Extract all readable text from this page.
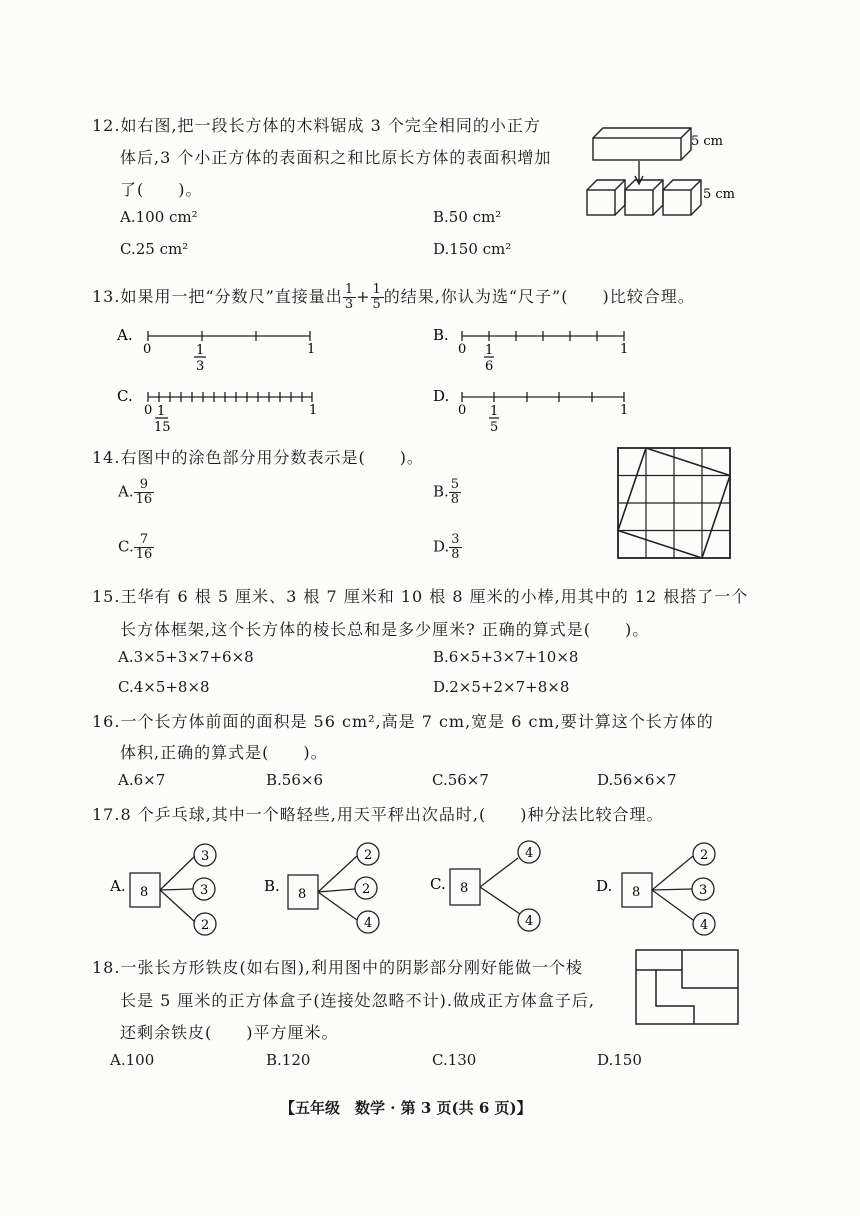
12.如右图,把一段长方体的木料锯成 3 个完全相同的小正方
体后,3 个小正方体的表面积之和比原长方体的表面积增加
了(　　)。
A.100 cm²	B.50 cm²
C.25 cm²	D.150 cm²
5 cm
5 cm
13.如果用一把“分数尺”直接量出 $\frac{1}{3} + \frac{1}{5}$ 的结果,你认为选“尺子”(　　)比较合理。
A.
0	1
1
3
B.
0	1
1
6
C.
0	1
1
15
D.
0	1
1
5
14.右图中的涂色部分用分数表示是(　　)。
A. $\frac{9}{16}$	B. $\frac{5}{8}$
C. $\frac{7}{16}$	D. $\frac{3}{8}$
15.王华有 6 根 5 厘米、3 根 7 厘米和 10 根 8 厘米的小棒,用其中的 12 根搭了一个
长方体框架,这个长方体的棱长总和是多少厘米? 正确的算式是(　　)。
A.3×5+3×7+6×8	B.6×5+3×7+10×8
C.4×5+8×8	D.2×5+2×7+8×8
16.一个长方体前面的面积是 56 cm²,高是 7 cm,宽是 6 cm,要计算这个长方体的
体积,正确的算式是(　　)。
A.6×7	B.56×6	C.56×7	D.56×6×7
17.8 个乒乓球,其中一个略轻些,用天平秤出次品时,(　　)种分法比较合理。
A. 8
3
3
2
B. 8
2
2
4
C. 8
4
4
D. 8
2
3
4
18.一张长方形铁皮(如右图),利用图中的阴影部分刚好能做一个棱
长是 5 厘米的正方体盒子(连接处忽略不计).做成正方体盒子后,
还剩余铁皮(　　)平方厘米。
A.100	B.120	C.130	D.150
【五年级　数学 · 第 3 页(共 6 页)】
